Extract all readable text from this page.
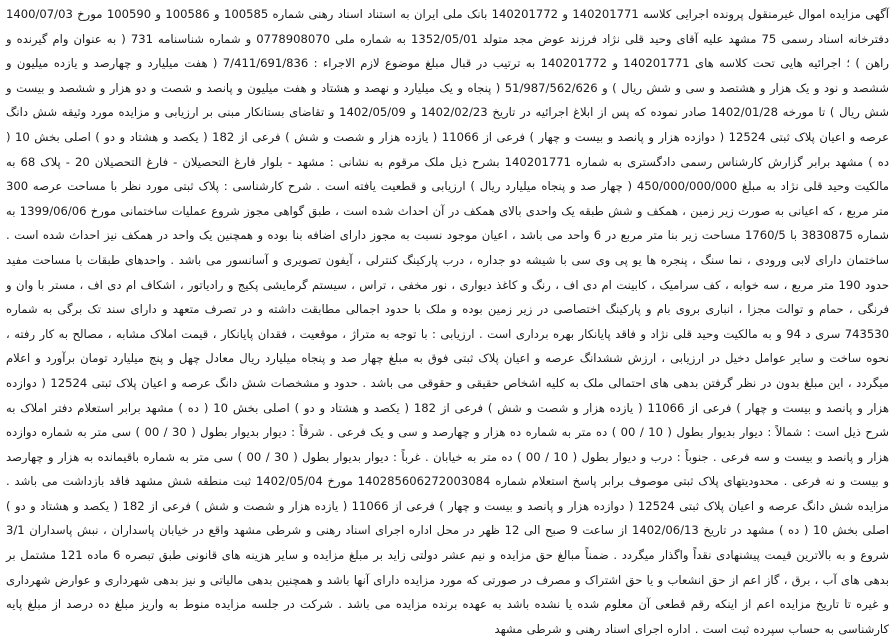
آگهی مزایده اموال غیرمنقول پرونده اجرایی کلاسه 140201771 و 140201772 بانک ملی ایران به استناد اسناد رهنی شماره 100585 و 100586 و 100590 مورخ 1400/07/03 دفترخانه اسناد رسمی 75 مشهد علیه آقای وحید قلی نژاد فرزند عوض مجد متولد 1352/05/01 به شماره ملی 0778908070 و شماره شناسنامه 731 ( به عنوان وام گیرنده و راهن ) ؛ اجرائیه هایی تحت کلاسه های 140201771 و 140201772 به ترتیب در قبال مبلغ موضوع لازم الاجراء : 7/411/691/836 ( هفت میلیارد و چهارصد و یازده میلیون و ششصد و نود و یک هزار و هشتصد و سی و شش ریال ) و 51/987/562/626 ( پنجاه و یک میلیارد و نهصد و هشتاد و هفت میلیون و پانصد و شصت و دو هزار و ششصد و بیست و شش ریال ) تا مورخه 1402/01/28 صادر نموده که پس از ابلاغ اجرائیه در تاریخ 1402/02/23 و 1402/05/09 و تقاضای بستانکار مبنی بر ارزیابی و مزایده مورد وثیقه شش دانگ عرصه و اعیان پلاک ثبتی 12524 ( دوازده هزار و پانصد و بیست و چهار ) فرعی از 11066 ( یازده هزار و شصت و شش ) فرعی از 182 ( یکصد و هشتاد و دو ) اصلی بخش 10 ( ده ) مشهد برابر گزارش کارشناس رسمی دادگستری به شماره 140201771 بشرح ذیل ملک مرقوم به نشانی : مشهد - بلوار فارغ التحصیلان - فارغ التحصیلان 20 - پلاک 68 به مالکیت وحید قلی نژاد به مبلغ 450/000/000/000 ( چهار صد و پنجاه میلیارد ریال ) ارزیابی و قطعیت یافته است . شرح کارشناسی : پلاک ثبتی مورد نظر با مساحت عرصه 300 متر مربع ، که اعیانی به صورت زیر زمین ، همکف و شش طبقه یک واحدی بالای همکف در آن احداث شده است ، طبق گواهی مجوز شروع عملیات ساختمانی مورخ 1399/06/06 به شماره 3830875 با 1760/5 مساحت زیر بنا متر مربع در 6 واحد می باشد ، اعیان موجود نسبت به مجوز دارای اضافه بنا بوده و همچنین یک واحد در همکف نیز احداث شده است . ساختمان دارای لابی ورودی ، نما سنگ ، پنجره ها یو پی وی سی با شیشه دو جداره ، درب پارکینگ کنترلی ، آیفون تصویری و آسانسور می باشد . واحدهای طبقات با مساحت مفید حدود 190 متر مربع ، سه خوابه ، کف سرامیک ، کابینت ام دی اف ، رنگ و کاغذ دیواری ، نور مخفی ، تراس ، سیستم گرمایشی پکیج و رادیاتور ، اشکاف ام دی اف ، مستر با وان و فرنگی ، حمام و توالت مجزا ، انباری بروی بام و پارکینگ اختصاصی در زیر زمین بوده و ملک با حدود اجمالی مطابقت داشته و در تصرف متعهد و دارای سند تک برگی به شماره 743530 سری د 94 و به مالکیت وحید قلی نژاد و فاقد پایانکار بهره برداری است . ارزیابی : با توجه به متراژ ، موقعیت ، فقدان پایانکار ، قیمت املاک مشابه ، مصالح به کار رفته ، نحوه ساخت و سایر عوامل دخیل در ارزیابی ، ارزش ششدانگ عرصه و اعیان پلاک ثبتی فوق به مبلغ چهار صد و پنجاه میلیارد ریال معادل چهل و پنج میلیارد تومان برآورد و اعلام میگردد ، این مبلغ بدون در نظر گرفتن بدهی های احتمالی ملک به کلیه اشخاص حقیقی و حقوقی می باشد . حدود و مشخصات شش دانگ عرصه و اعیان پلاک ثبتی 12524 ( دوازده هزار و پانصد و بیست و چهار ) فرعی از 11066 ( یازده هزار و شصت و شش ) فرعی از 182 ( یکصد و هشتاد و دو ) اصلی بخش 10 ( ده ) مشهد برابر استعلام دفتر املاک به شرح ذیل است : شمالاً : دیوار بدیوار بطول ( 10 / 00 ) ده متر به شماره ده هزار و چهارصد و سی و یک فرعی . شرقاً : دیوار بدیوار بطول ( 30 / 00 ) سی متر به شماره دوازده هزار و پانصد و بیست و سه فرعی . جنوباً : درب و دیوار بطول ( 10 / 00 ) ده متر به خیابان . غرباً : دیوار بدیوار بطول ( 30 / 00 ) سی متر به شماره باقیمانده به هزار و چهارصد و بیست و نه فرعی . محدودیتهای پلاک ثبتی موصوف برابر پاسخ استعلام شماره 140285606272003084 مورخ 1402/05/04 ثبت منطقه شش مشهد فاقد بازداشت می باشد . مزایده شش دانگ عرصه و اعیان پلاک ثبتی 12524 ( دوازده هزار و پانصد و بیست و چهار ) فرعی از 11066 ( یازده هزار و شصت و شش ) فرعی از 182 ( یکصد و هشتاد و دو ) اصلی بخش 10 ( ده ) مشهد در تاریخ 1402/06/13 از ساعت 9 صبح الی 12 ظهر در محل اداره اجرای اسناد رهنی و شرطی مشهد واقع در خیابان پاسداران ، نبش پاسداران 3/1 شروع و به بالاترین قیمت پیشنهادی نقداً واگذار میگردد . ضمناً مبالغ حق مزایده و نیم عشر دولتی زاید بر مبلغ مزایده و سایر هزینه های قانونی طبق تبصره 6 ماده 121 مشتمل بر بدهی های آب ، برق ، گاز اعم از حق انشعاب و یا حق اشتراک و مصرف در صورتی که مورد مزایده دارای آنها باشد و همچنین بدهی مالیاتی و نیز بدهی شهرداری و عوارض شهرداری و غیره تا تاریخ مزایده اعم از اینکه رقم قطعی آن معلوم شده یا نشده باشد به عهده برنده مزایده می باشد . شرکت در جلسه مزایده منوط به واریز مبلغ ده درصد از مبلغ پایه کارشناسی به حساب سپرده ثبت است . اداره اجرای اسناد رهنی و شرطی مشهد
